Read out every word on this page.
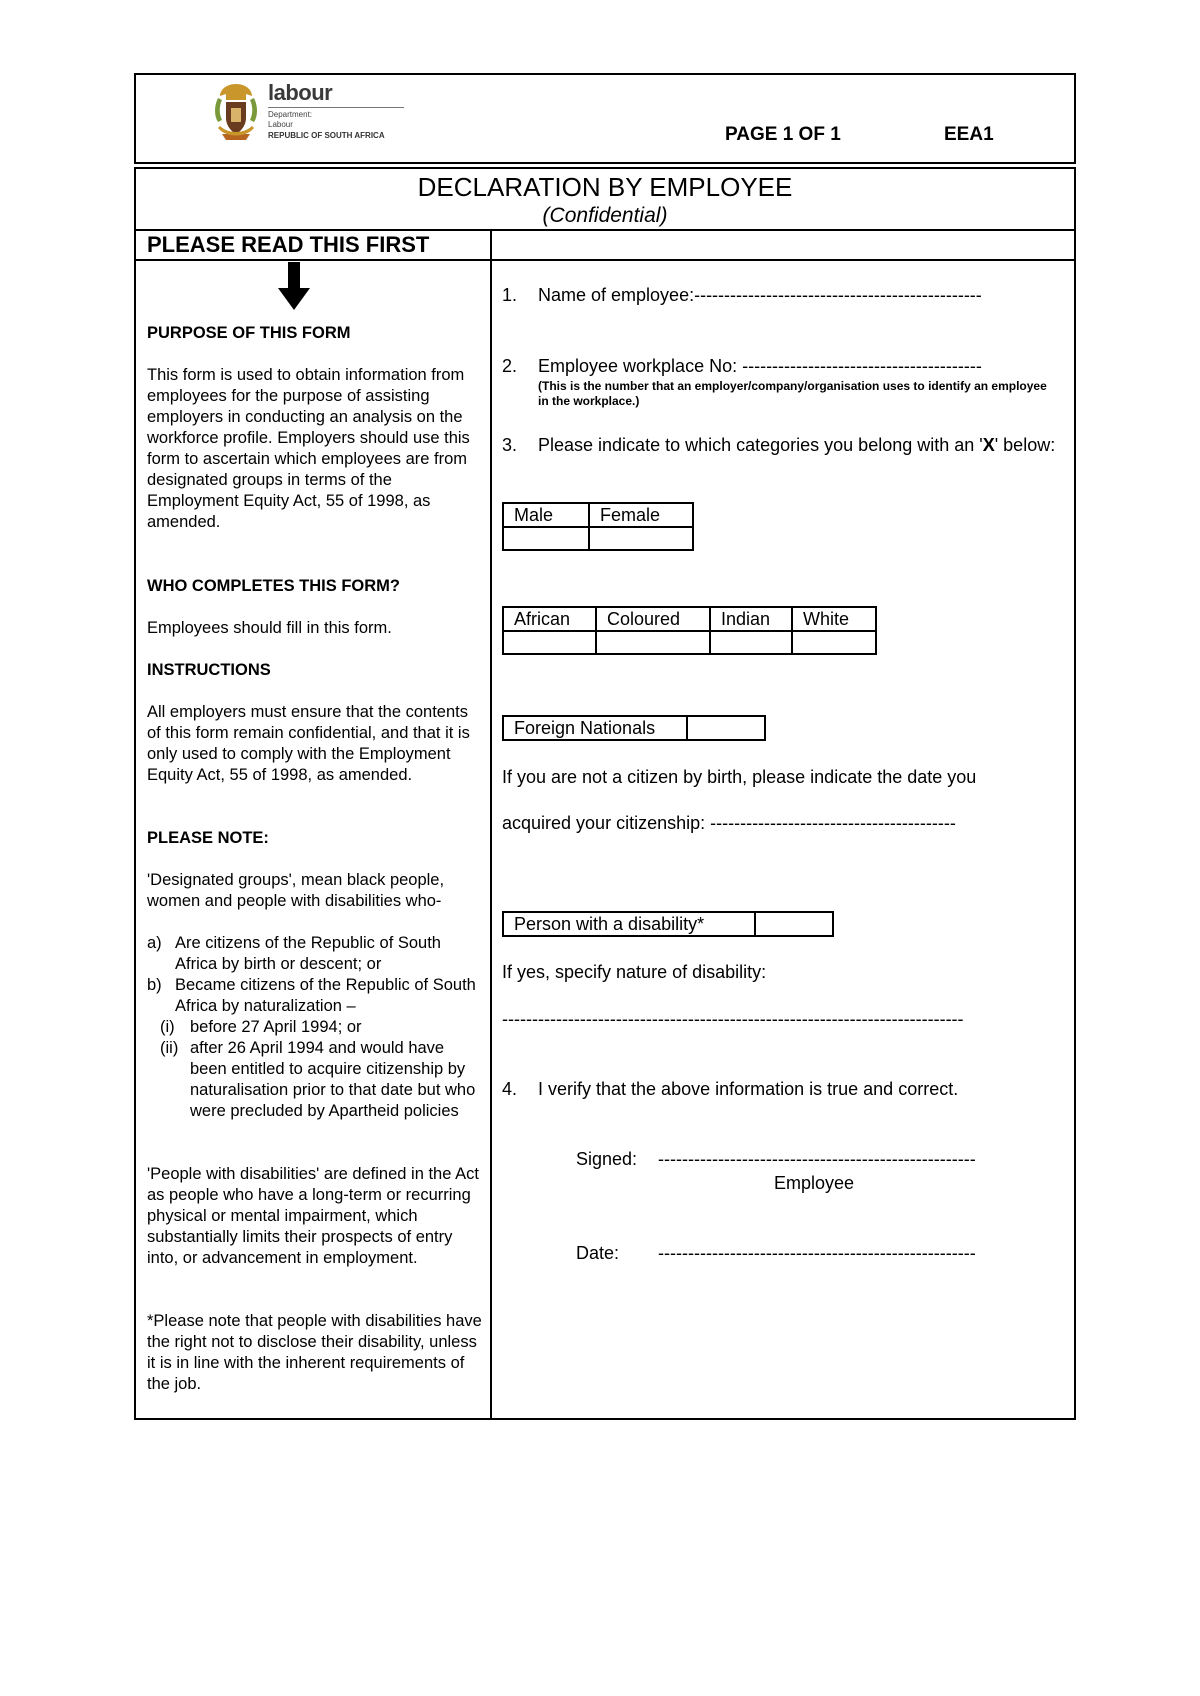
labour
Department:
Labour
REPUBLIC OF SOUTH AFRICA	PAGE 1 OF 1	EEA1
DECLARATION BY EMPLOYEE
(Confidential)
PLEASE READ THIS FIRST
PURPOSE OF THIS FORM
This form is used to obtain information from employees for the purpose of assisting employers in conducting an analysis on the workforce profile. Employers should use this form to ascertain which employees are from designated groups in terms of the Employment Equity Act, 55 of 1998, as amended.
WHO COMPLETES THIS FORM?
Employees should fill in this form.
INSTRUCTIONS
All employers must ensure that the contents of this form remain confidential, and that it is only used to comply with the Employment Equity Act, 55 of 1998, as amended.
PLEASE NOTE:
'Designated groups', mean black people, women and people with disabilities who-
a) Are citizens of the Republic of South Africa by birth or descent; or
b) Became citizens of the Republic of South Africa by naturalization –
(i) before 27 April 1994; or
(ii) after 26 April 1994 and would have been entitled to acquire citizenship by naturalisation prior to that date but who were precluded by Apartheid policies
'People with disabilities' are defined in the Act as people who have a long-term or recurring physical or mental impairment, which substantially limits their prospects of entry into, or advancement in employment.
*Please note that people with disabilities have the right not to disclose their disability, unless it is in line with the inherent requirements of the job.
1. Name of employee:------------------------------------------------
2. Employee workplace No: ----------------------------------------
(This is the number that an employer/company/organisation uses to identify an employee in the workplace.)
3. Please indicate to which categories you belong with an 'X' below:
Male	Female

African	Coloured	Indian	White

Foreign Nationals	
If you are not a citizen by birth, please indicate the date you
acquired your citizenship: -----------------------------------------
Person with a disability*	
If yes, specify nature of disability:
-----------------------------------------------------------------------------
4. I verify that the above information is true and correct.
Signed: -----------------------------------------------------
Employee
Date: -----------------------------------------------------
